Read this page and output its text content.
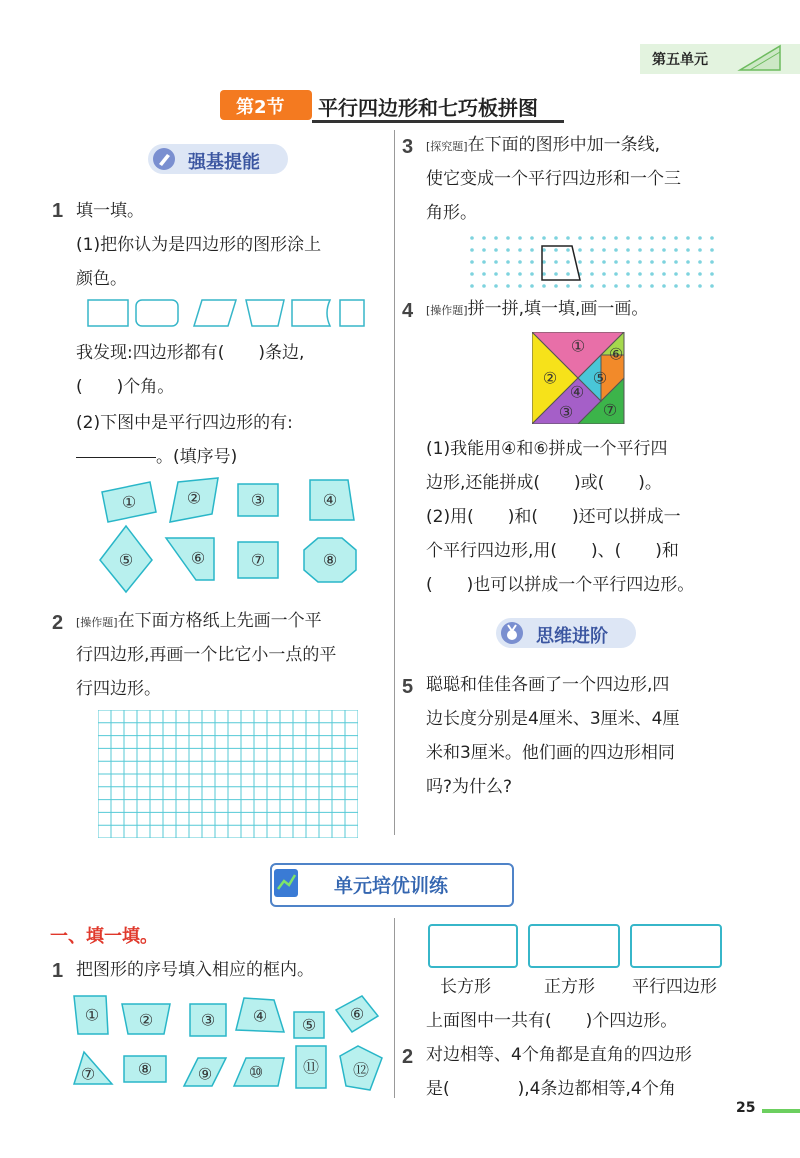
第五单元
第2节 平行四边形和七巧板拼图
强基提能
1 填一填。
(1)把你认为是四边形的图形涂上
颜色。
我发现:四边形都有(　　)条边,
(　　)个角。
(2)下图中是平行四边形的有:
。(填序号)
①	②	③	④
⑤	⑥	⑦	⑧
2 [操作题]在下面方格纸上先画一个平
行四边形,再画一个比它小一点的平
行四边形。
3 [探究题]在下面的图形中加一条线,
使它变成一个平行四边形和一个三
角形。
4 [操作题]拼一拼,填一填,画一画。
①
②
③
④
⑤
⑥
⑦
(1)我能用④和⑥拼成一个平行四
边形,还能拼成(　　)或(　　)。
(2)用(　　)和(　　)还可以拼成一
个平行四边形,用(　　)、(　　)和
(　　)也可以拼成一个平行四边形。
思维进阶
5 聪聪和佳佳各画了一个四边形,四
边长度分别是4厘米、3厘米、4厘
米和3厘米。他们画的四边形相同
吗?为什么?
单元培优训练
一、填一填。
1 把图形的序号填入相应的框内。
① ②	③ ④ ⑤
⑥
⑦	⑧	⑨ ⑩ ⑪ ⑫
长方形	正方形 平行四边形
上面图中一共有(　　)个四边形。
2 对边相等、4个角都是直角的四边形
是(　　　　),4条边都相等,4个角
25
